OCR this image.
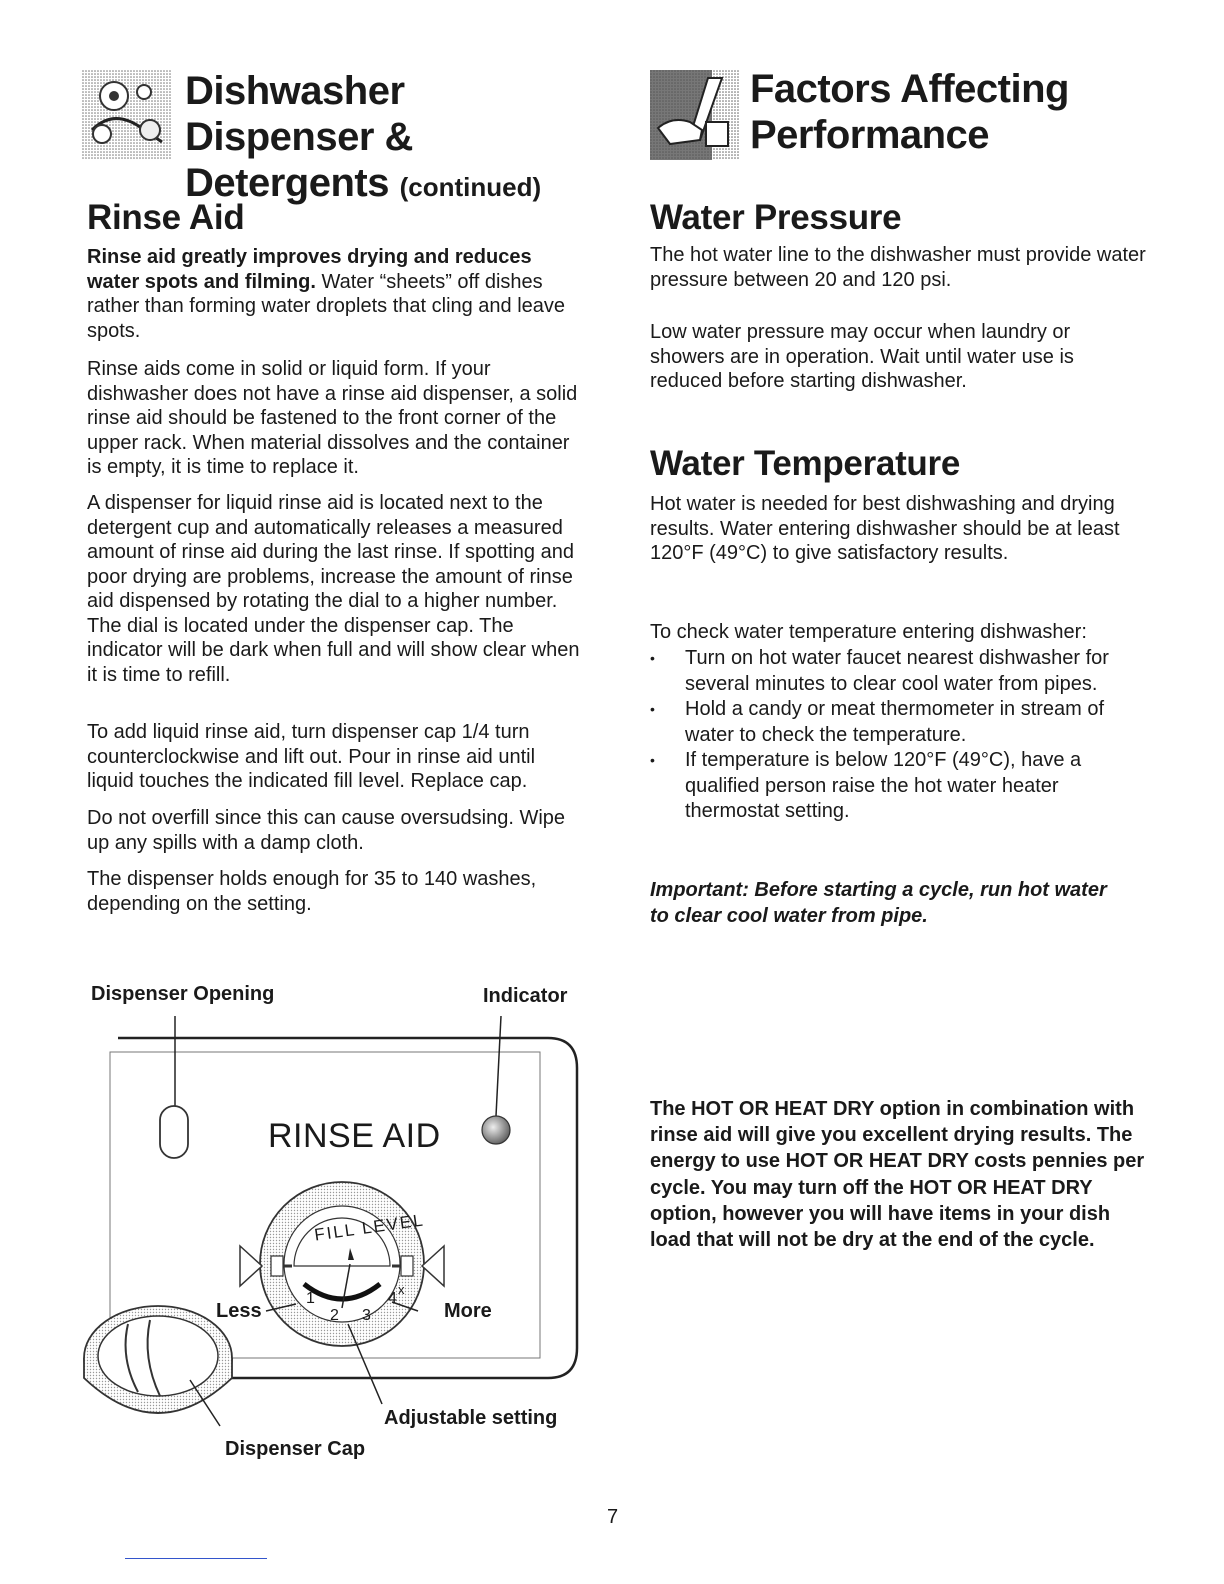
Dishwasher
Dispenser &
Detergents (continued)
Factors Affecting
Performance
Rinse Aid

Rinse aid greatly improves drying and reduces water spots and filming. Water “sheets” off dishes rather than forming water droplets that cling and leave spots.

Rinse aids come in solid or liquid form. If your dishwasher does not have a rinse aid dispenser, a solid rinse aid should be fastened to the front corner of the upper rack. When material dissolves and the container is empty, it is time to replace it.

A dispenser for liquid rinse aid is located next to the detergent cup and automatically releases a measured amount of rinse aid during the last rinse. If spotting and poor drying are problems, increase the amount of rinse aid dispensed by rotating the dial to a higher number. The dial is located under the dispenser cap. The indicator will be dark when full and will show clear when it is time to refill.

To add liquid rinse aid, turn dispenser cap 1/4 turn counterclockwise and lift out. Pour in rinse aid until liquid touches the indicated fill level. Replace cap.

Do not overfill since this can cause oversudsing. Wipe up any spills with a damp cloth.

The dispenser holds enough for 35 to 140 washes, depending on the setting.

Dispenser Opening	Indicator
RINSE AID
FILL LEVEL
1
2 3
4
x
Less	More
Adjustable setting
Dispenser Cap
Water Pressure

The hot water line to the dishwasher must provide water pressure between 20 and 120 psi.

Low water pressure may occur when laundry or showers are in operation. Wait until water use is reduced before starting dishwasher.

Water Temperature

Hot water is needed for best dishwashing and drying results. Water entering dishwasher should be at least 120°F (49°C) to give satisfactory results.

To check water temperature entering dishwasher:

• Turn on hot water faucet nearest dishwasher for several minutes to clear cool water from pipes.
• Hold a candy or meat thermometer in stream of water to check the temperature.
• If temperature is below 120°F (49°C), have a qualified person raise the hot water heater thermostat setting.

Important: Before starting a cycle, run hot water to clear cool water from pipe.

The HOT OR HEAT DRY option in combination with rinse aid will give you excellent drying results. The energy to use HOT OR HEAT DRY costs pennies per cycle. You may turn off the HOT OR HEAT DRY option, however you will have items in your dish load that will not be dry at the end of the cycle.

7
